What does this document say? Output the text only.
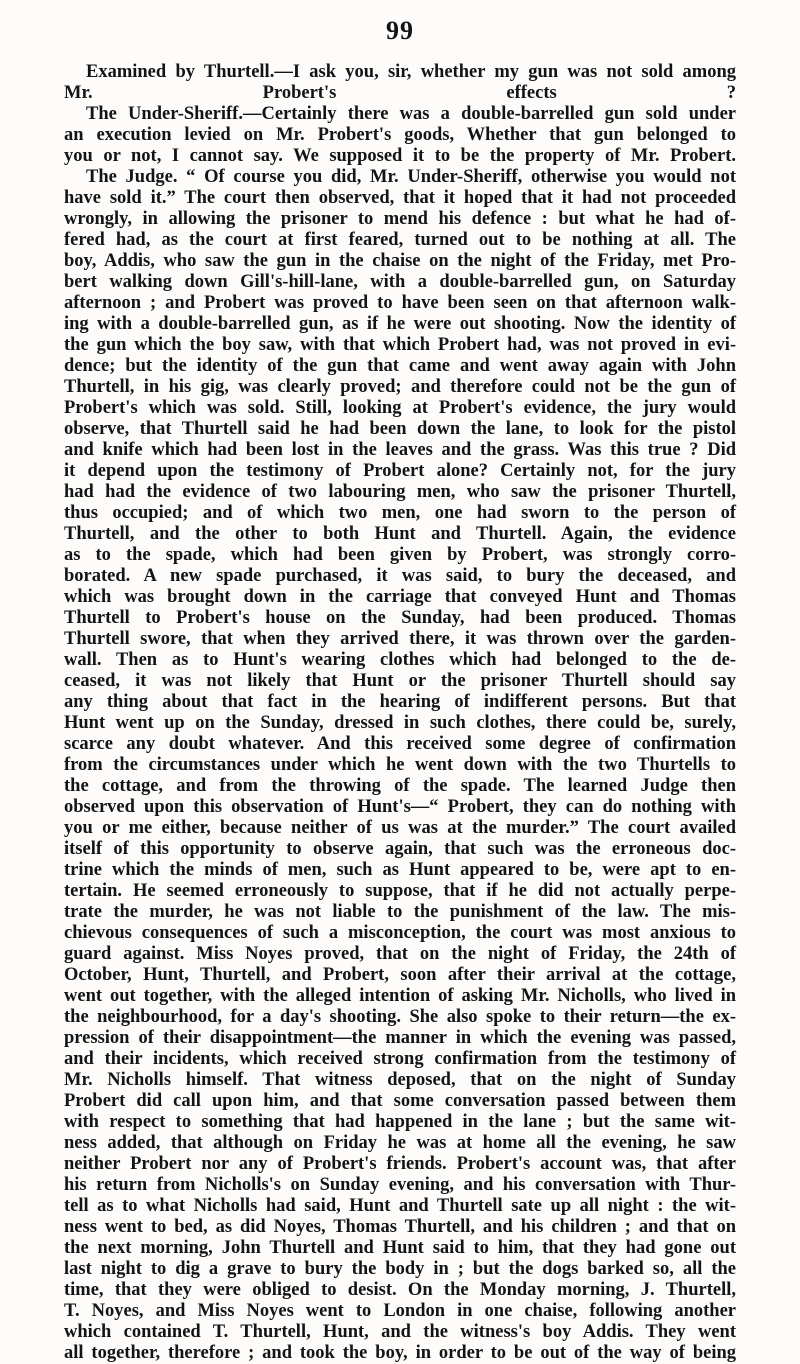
99
Examined by Thurtell.—I ask you, sir, whether my gun was not sold among
Mr. Probert's effects ?
The Under-Sheriff.—Certainly there was a double-barrelled gun sold under
an execution levied on Mr. Probert's goods, Whether that gun belonged to
you or not, I cannot say. We supposed it to be the property of Mr. Probert.
The Judge. “ Of course you did, Mr. Under-Sheriff, otherwise you would not
have sold it.” The court then observed, that it hoped that it had not proceeded
wrongly, in allowing the prisoner to mend his defence : but what he had of-
fered had, as the court at first feared, turned out to be nothing at all. The
boy, Addis, who saw the gun in the chaise on the night of the Friday, met Pro-
bert walking down Gill's-hill-lane, with a double-barrelled gun, on Saturday
afternoon ; and Probert was proved to have been seen on that afternoon walk-
ing with a double-barrelled gun, as if he were out shooting. Now the identity of
the gun which the boy saw, with that which Probert had, was not proved in evi-
dence; but the identity of the gun that came and went away again with John
Thurtell, in his gig, was clearly proved; and therefore could not be the gun of
Probert's which was sold. Still, looking at Probert's evidence, the jury would
observe, that Thurtell said he had been down the lane, to look for the pistol
and knife which had been lost in the leaves and the grass. Was this true ? Did
it depend upon the testimony of Probert alone? Certainly not, for the jury
had had the evidence of two labouring men, who saw the prisoner Thurtell,
thus occupied; and of which two men, one had sworn to the person of
Thurtell, and the other to both Hunt and Thurtell. Again, the evidence
as to the spade, which had been given by Probert, was strongly corro-
borated. A new spade purchased, it was said, to bury the deceased, and
which was brought down in the carriage that conveyed Hunt and Thomas
Thurtell to Probert's house on the Sunday, had been produced. Thomas
Thurtell swore, that when they arrived there, it was thrown over the garden-
wall. Then as to Hunt's wearing clothes which had belonged to the de-
ceased, it was not likely that Hunt or the prisoner Thurtell should say
any thing about that fact in the hearing of indifferent persons. But that
Hunt went up on the Sunday, dressed in such clothes, there could be, surely,
scarce any doubt whatever. And this received some degree of confirmation
from the circumstances under which he went down with the two Thurtells to
the cottage, and from the throwing of the spade. The learned Judge then
observed upon this observation of Hunt's—“ Probert, they can do nothing with
you or me either, because neither of us was at the murder.” The court availed
itself of this opportunity to observe again, that such was the erroneous doc-
trine which the minds of men, such as Hunt appeared to be, were apt to en-
tertain. He seemed erroneously to suppose, that if he did not actually perpe-
trate the murder, he was not liable to the punishment of the law. The mis-
chievous consequences of such a misconception, the court was most anxious to
guard against. Miss Noyes proved, that on the night of Friday, the 24th of
October, Hunt, Thurtell, and Probert, soon after their arrival at the cottage,
went out together, with the alleged intention of asking Mr. Nicholls, who lived in
the neighbourhood, for a day's shooting. She also spoke to their return—the ex-
pression of their disappointment—the manner in which the evening was passed,
and their incidents, which received strong confirmation from the testimony of
Mr. Nicholls himself. That witness deposed, that on the night of Sunday
Probert did call upon him, and that some conversation passed between them
with respect to something that had happened in the lane ; but the same wit-
ness added, that although on Friday he was at home all the evening, he saw
neither Probert nor any of Probert's friends. Probert's account was, that after
his return from Nicholls's on Sunday evening, and his conversation with Thur-
tell as to what Nicholls had said, Hunt and Thurtell sate up all night : the wit-
ness went to bed, as did Noyes, Thomas Thurtell, and his children ; and that on
the next morning, John Thurtell and Hunt said to him, that they had gone out
last night to dig a grave to bury the body in ; but the dogs barked so, all the
time, that they were obliged to desist. On the Monday morning, J. Thurtell,
T. Noyes, and Miss Noyes went to London in one chaise, following another
which contained T. Thurtell, Hunt, and the witness's boy Addis. They went
all together, therefore ; and took the boy, in order to be out of the way of being
